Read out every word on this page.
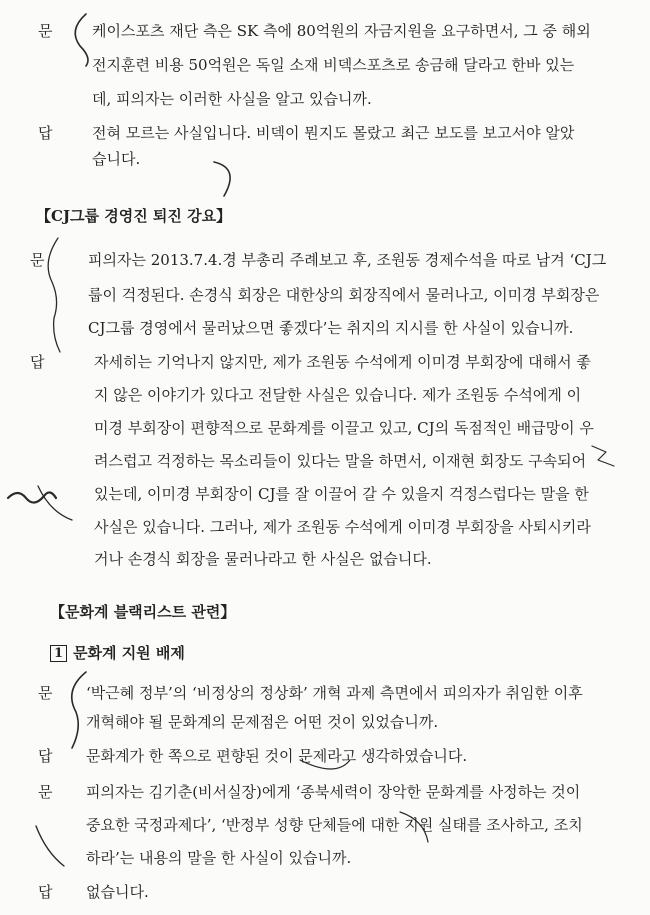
문	케이스포츠 재단 측은 SK 측에 80억원의 자금지원을 요구하면서, 그 중 해외
전지훈련 비용 50억원은 독일 소재 비덱스포츠로 송금해 달라고 한바 있는
데, 피의자는 이러한 사실을 알고 있습니까.
답	전혀 모르는 사실입니다. 비덱이 뭔지도 몰랐고 최근 보도를 보고서야 알았
습니다.
【CJ그룹 경영진 퇴진 강요】
문	피의자는 2013.7.4.경 부총리 주례보고 후, 조원동 경제수석을 따로 남겨 ‘CJ그
룹이 걱정된다. 손경식 회장은 대한상의 회장직에서 물러나고, 이미경 부회장은
CJ그룹 경영에서 물러났으면 좋겠다’는 취지의 지시를 한 사실이 있습니까.
답	자세히는 기억나지 않지만, 제가 조원동 수석에게 이미경 부회장에 대해서 좋
지 않은 이야기가 있다고 전달한 사실은 있습니다. 제가 조원동 수석에게 이
미경 부회장이 편향적으로 문화계를 이끌고 있고, CJ의 독점적인 배급망이 우
려스럽고 걱정하는 목소리들이 있다는 말을 하면서, 이재현 회장도 구속되어
있는데, 이미경 부회장이 CJ를 잘 이끌어 갈 수 있을지 걱정스럽다는 말을 한
사실은 있습니다. 그러나, 제가 조원동 수석에게 이미경 부회장을 사퇴시키라
거나 손경식 회장을 물러나라고 한 사실은 없습니다.
【문화계 블랙리스트 관련】
1 문화계 지원 배제
문 ‘박근혜 정부’의 ‘비정상의 정상화’ 개혁 과제 측면에서 피의자가 취임한 이후
개혁해야 될 문화계의 문제점은 어떤 것이 있었습니까.
답 문화계가 한 쪽으로 편향된 것이 문제라고 생각하였습니다.
문 피의자는 김기춘(비서실장)에게 ‘종북세력이 장악한 문화계를 사정하는 것이
중요한 국정과제다’, ‘반정부 성향 단체들에 대한 지원 실태를 조사하고, 조치
하라’는 내용의 말을 한 사실이 있습니까.
답 없습니다.
